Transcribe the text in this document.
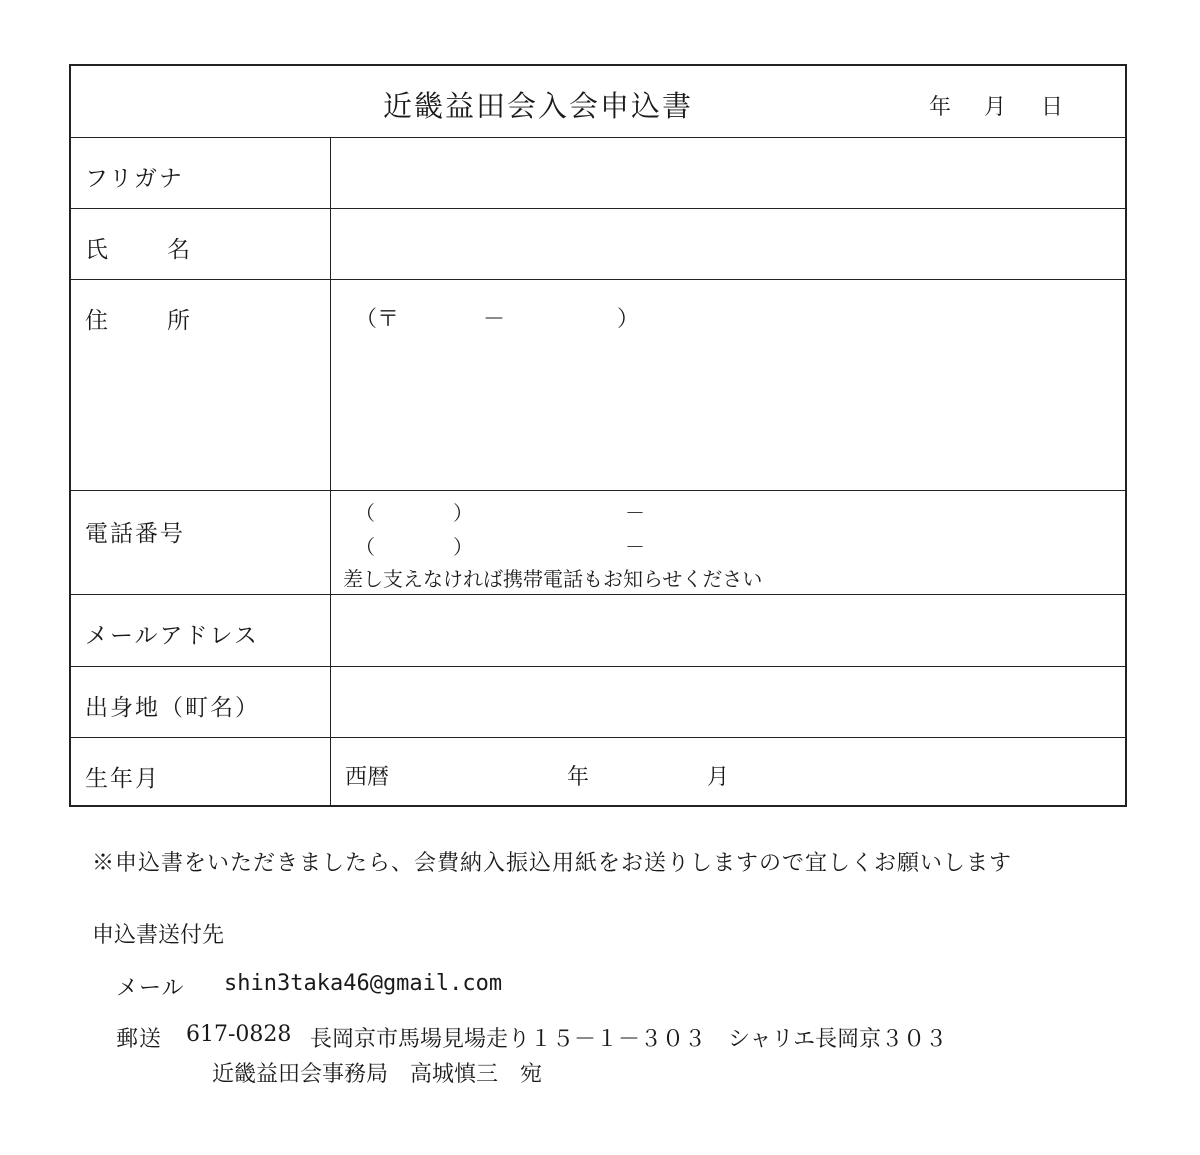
近畿益田会入会申込書	年 月 日
フリガナ
氏 名
住 所	（〒	－	）
電話番号
（	）	－
（	）	－
差し支えなければ携帯電話もお知らせください
メールアドレス
出身地（町名）
生年月	西暦	年	月
※申込書をいただきましたら、会費納入振込用紙をお送りしますので宜しくお願いします
申込書送付先
メール shin3taka46@gmail.com
郵送 617-0828 長岡京市馬場見場走り１５－１－３０３　シャリエ長岡京３０３
近畿益田会事務局　高城慎三　宛
